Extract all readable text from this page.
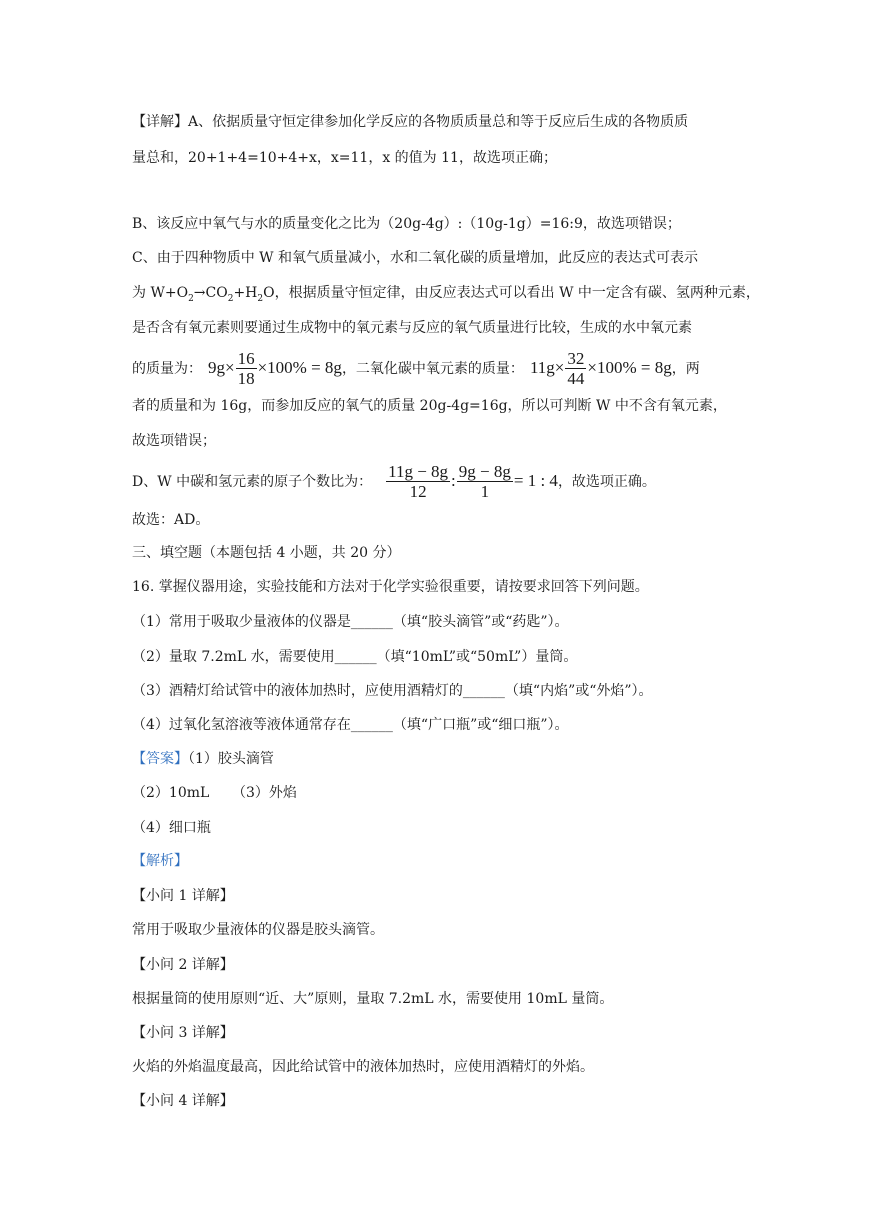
【详解】A、依据质量守恒定律参加化学反应的各物质质量总和等于反应后生成的各物质质
量总和，20+1+4=10+4+x，x=11，x 的值为 11，故选项正确；
B、该反应中氧气与水的质量变化之比为（20g-4g）:（10g-1g）=16:9，故选项错误；
C、由于四种物质中 W 和氧气质量减小，水和二氧化碳的质量增加，此反应的表达式可表示
为 $W+O_2\to CO_2+H_2O$，根据质量守恒定律，由反应表达式可以看出 W 中一定含有碳、氢两种元素，
是否含有氧元素则要通过生成物中的氧元素与反应的氧气质量进行比较，生成的水中氧元素
的质量为： $9g\times \frac{16}{18} \times 100\% = 8g$ ，二氧化碳中氧元素的质量： $11g\times \frac{32}{44} \times 100\% = 8g$ ，两
者的质量和为 16g，而参加反应的氧气的质量 20g-4g=16g，所以可判断 W 中不含有氧元素，
故选项错误；
D、W 中碳和氢元素的原子个数比为： $\frac{11g - 8g}{12}$ : $\frac{9g - 8g}{1} = 1$ : 4 ，故选项正确。
故选：AD。
三、填空题（本题包括 4 小题，共 20 分）
16. 掌握仪器用途，实验技能和方法对于化学实验很重要，请按要求回答下列问题。
（1）常用于吸取少量液体的仪器是______（填“胶头滴管”或“药匙”）。
（2）量取 7.2mL 水，需要使用______（填“10mL”或“50mL”）量筒。
（3）酒精灯给试管中的液体加热时，应使用酒精灯的______（填“内焰”或“外焰”）。
（4）过氧化氢溶液等液体通常存在______（填“广口瓶”或“细口瓶”）。
【答案】（1）胶头滴管
（2）10mL （3）外焰
（4）细口瓶
【解析】
【小问 1 详解】
常用于吸取少量液体的仪器是胶头滴管。
【小问 2 详解】
根据量筒的使用原则“近、大”原则，量取 7.2mL 水，需要使用 10mL 量筒。
【小问 3 详解】
火焰的外焰温度最高，因此给试管中的液体加热时，应使用酒精灯的外焰。
【小问 4 详解】
